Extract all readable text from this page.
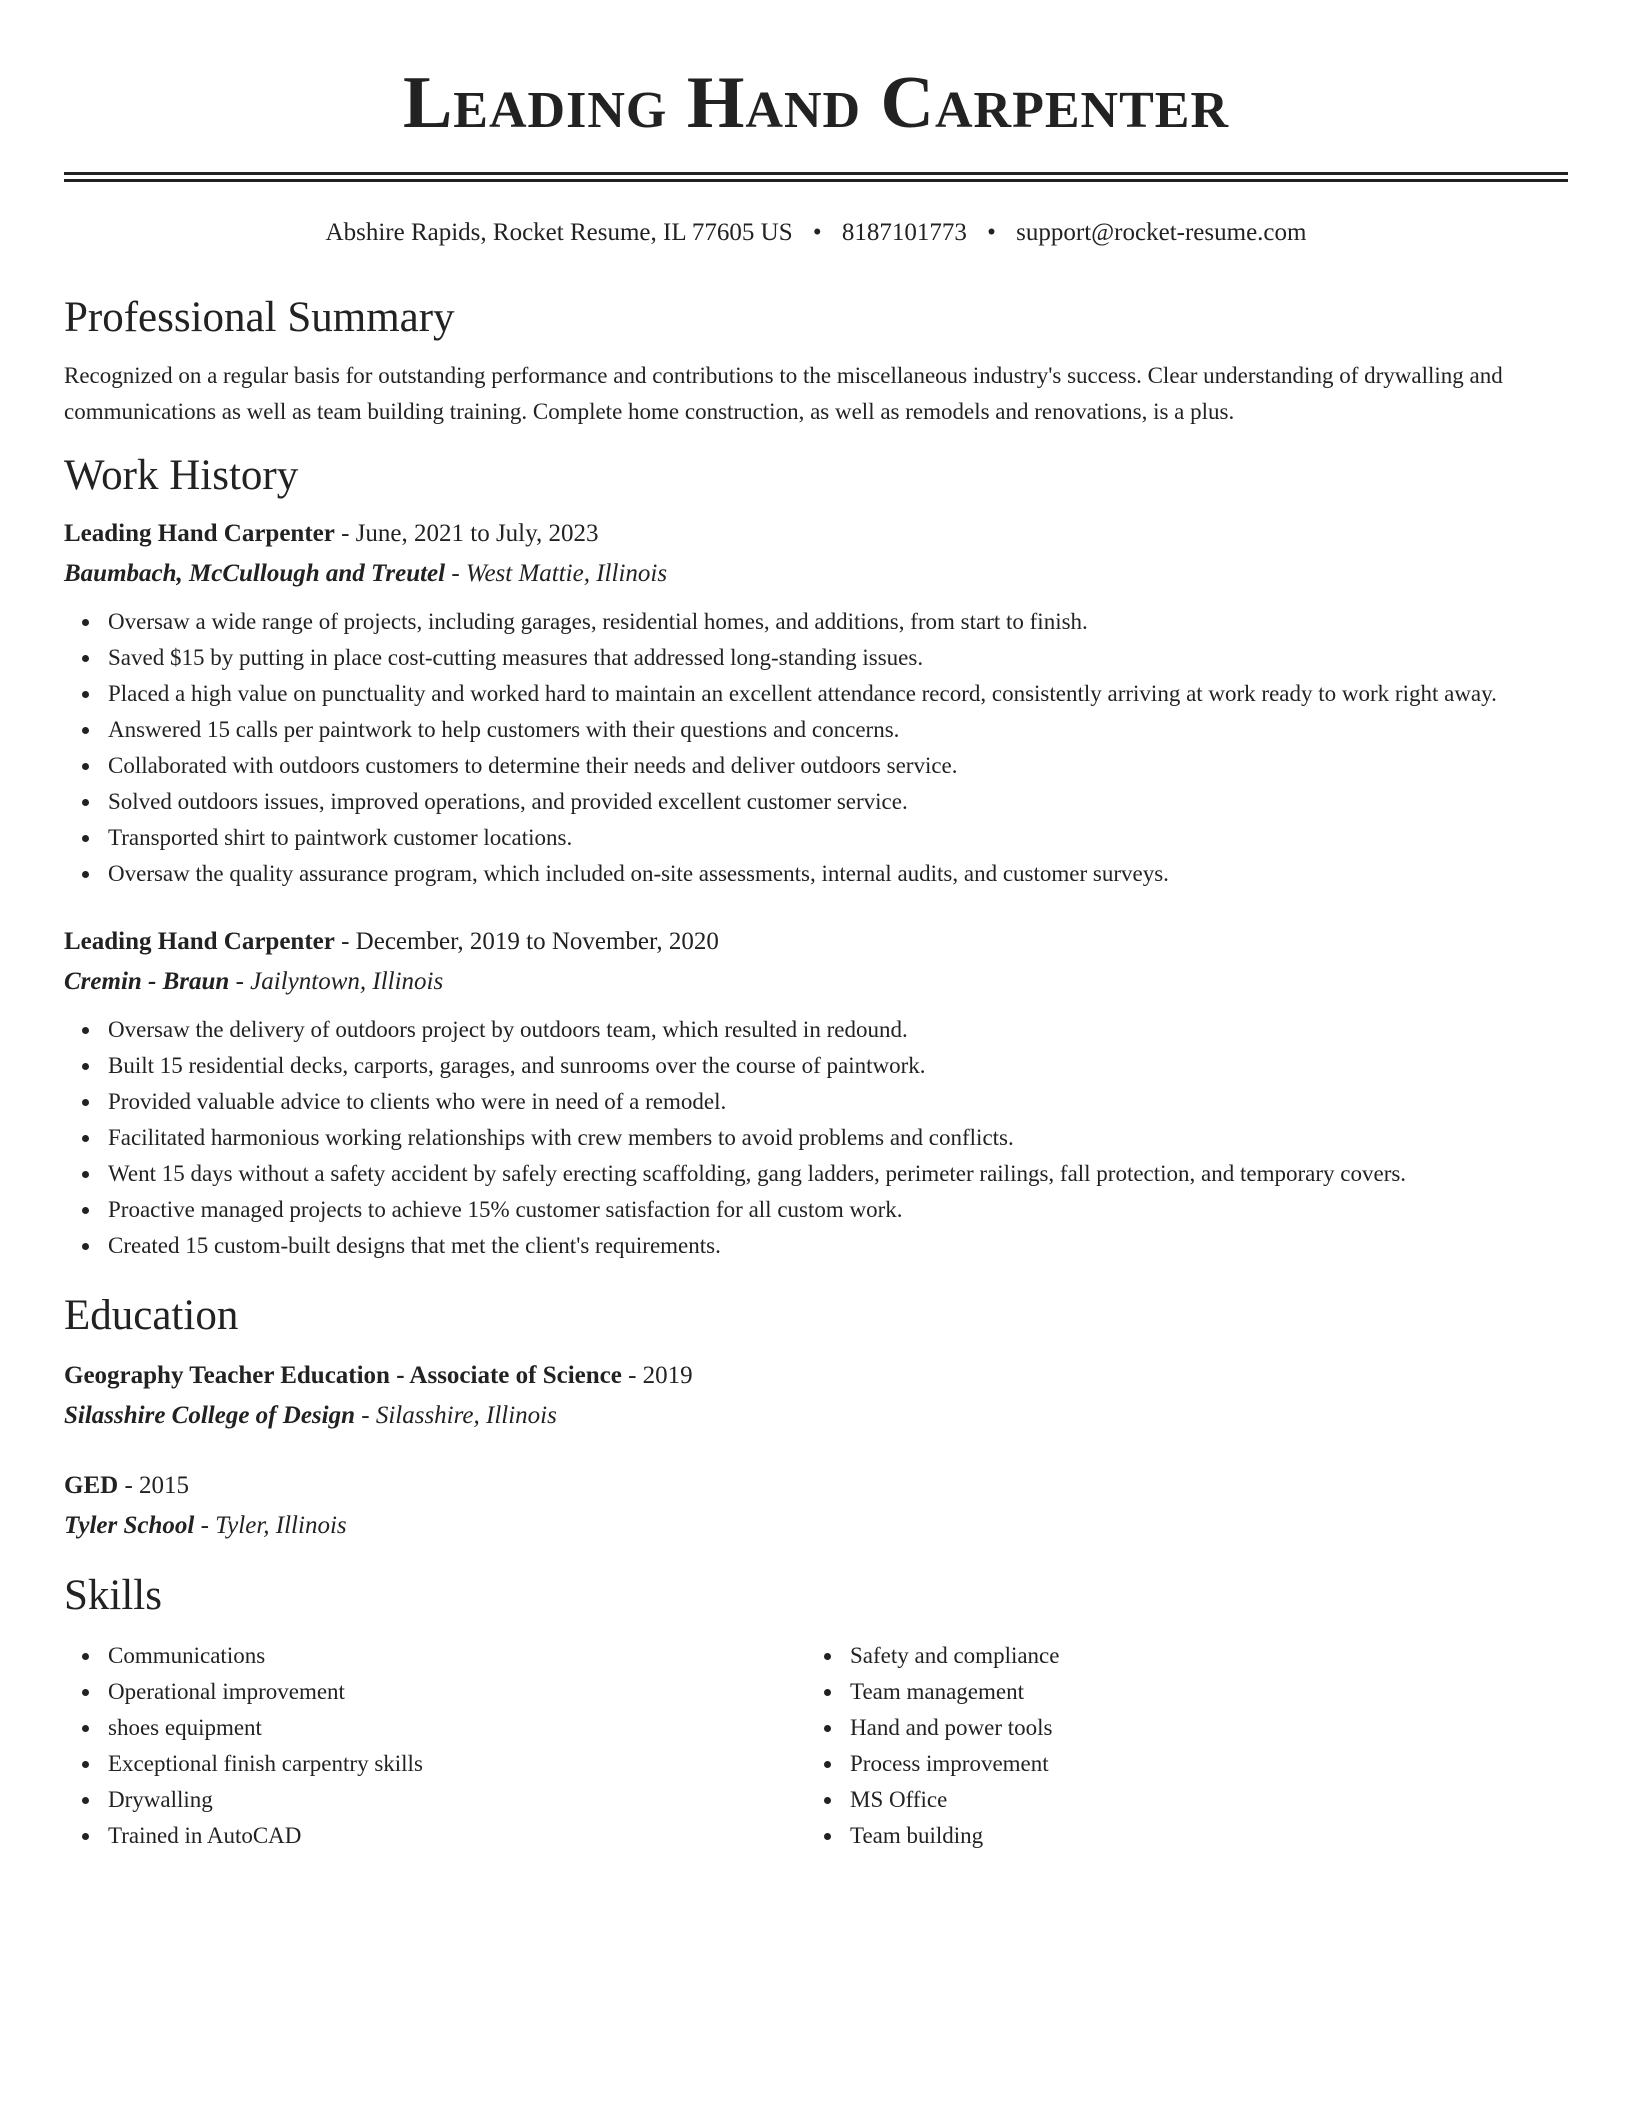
Leading Hand Carpenter
Abshire Rapids, Rocket Resume, IL 77605 US • 8187101773 • support@rocket-resume.com
Professional Summary
Recognized on a regular basis for outstanding performance and contributions to the miscellaneous industry's success. Clear understanding of drywalling and communications as well as team building training. Complete home construction, as well as remodels and renovations, is a plus.
Work History
Leading Hand Carpenter - June, 2021 to July, 2023
Baumbach, McCullough and Treutel - West Mattie, Illinois
Oversaw a wide range of projects, including garages, residential homes, and additions, from start to finish.
Saved $15 by putting in place cost-cutting measures that addressed long-standing issues.
Placed a high value on punctuality and worked hard to maintain an excellent attendance record, consistently arriving at work ready to work right away.
Answered 15 calls per paintwork to help customers with their questions and concerns.
Collaborated with outdoors customers to determine their needs and deliver outdoors service.
Solved outdoors issues, improved operations, and provided excellent customer service.
Transported shirt to paintwork customer locations.
Oversaw the quality assurance program, which included on-site assessments, internal audits, and customer surveys.
Leading Hand Carpenter - December, 2019 to November, 2020
Cremin - Braun - Jailyntown, Illinois
Oversaw the delivery of outdoors project by outdoors team, which resulted in redound.
Built 15 residential decks, carports, garages, and sunrooms over the course of paintwork.
Provided valuable advice to clients who were in need of a remodel.
Facilitated harmonious working relationships with crew members to avoid problems and conflicts.
Went 15 days without a safety accident by safely erecting scaffolding, gang ladders, perimeter railings, fall protection, and temporary covers.
Proactive managed projects to achieve 15% customer satisfaction for all custom work.
Created 15 custom-built designs that met the client's requirements.
Education
Geography Teacher Education - Associate of Science - 2019
Silasshire College of Design - Silasshire, Illinois
GED - 2015
Tyler School - Tyler, Illinois
Skills
Communications
Operational improvement
shoes equipment
Exceptional finish carpentry skills
Drywalling
Trained in AutoCAD
Safety and compliance
Team management
Hand and power tools
Process improvement
MS Office
Team building
